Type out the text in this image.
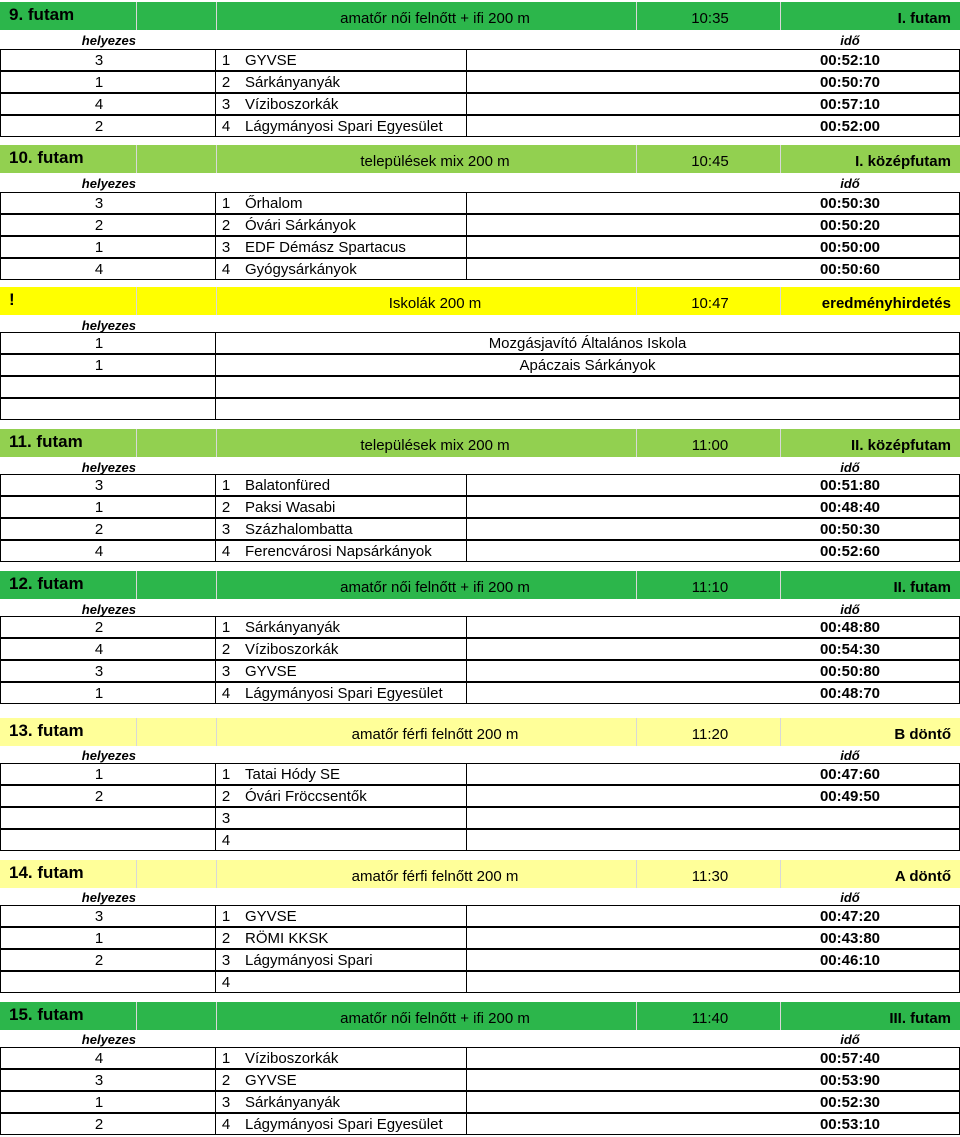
9. futam	amatőr női felnőtt + ifi 200 m	10:35	I. futam
helyezes	idő
3	1 GYVSE	00:52:10
1	2 Sárkányanyák	00:50:70
4	3 Víziboszorkák	00:57:10
2	4 Lágymányosi Spari Egyesület	00:52:00
10. futam	települések mix 200 m	10:45	I. középfutam
helyezes	idő
3	1 Őrhalom	00:50:30
2	2 Óvári Sárkányok	00:50:20
1	3 EDF Démász Spartacus	00:50:00
4	4 Gyógysárkányok	00:50:60
!	Iskolák 200 m	10:47	eredményhirdetés
helyezes
1	Mozgásjavító Általános Iskola
1	Apáczais Sárkányok
11. futam	települések mix 200 m	11:00	II. középfutam
helyezes	idő
3	1 Balatonfüred	00:51:80
1	2 Paksi Wasabi	00:48:40
2	3 Százhalombatta	00:50:30
4	4 Ferencvárosi Napsárkányok	00:52:60
12. futam	amatőr női felnőtt + ifi 200 m	11:10	II. futam
helyezes	idő
2	1 Sárkányanyák	00:48:80
4	2 Víziboszorkák	00:54:30
3	3 GYVSE	00:50:80
1	4 Lágymányosi Spari Egyesület	00:48:70
13. futam	amatőr férfi felnőtt 200 m	11:20	B döntő
helyezes	idő
1	1 Tatai Hódy SE	00:47:60
2	2 Óvári Fröccsentők	00:49:50
3
4
14. futam	amatőr férfi felnőtt 200 m	11:30	A döntő
helyezes	idő
3	1 GYVSE	00:47:20
1	2 RÖMI KKSK	00:43:80
2	3 Lágymányosi Spari	00:46:10
4
15. futam	amatőr női felnőtt + ifi 200 m	11:40	III. futam
helyezes	idő
4	1 Víziboszorkák	00:57:40
3	2 GYVSE	00:53:90
1	3 Sárkányanyák	00:52:30
2	4 Lágymányosi Spari Egyesület	00:53:10
